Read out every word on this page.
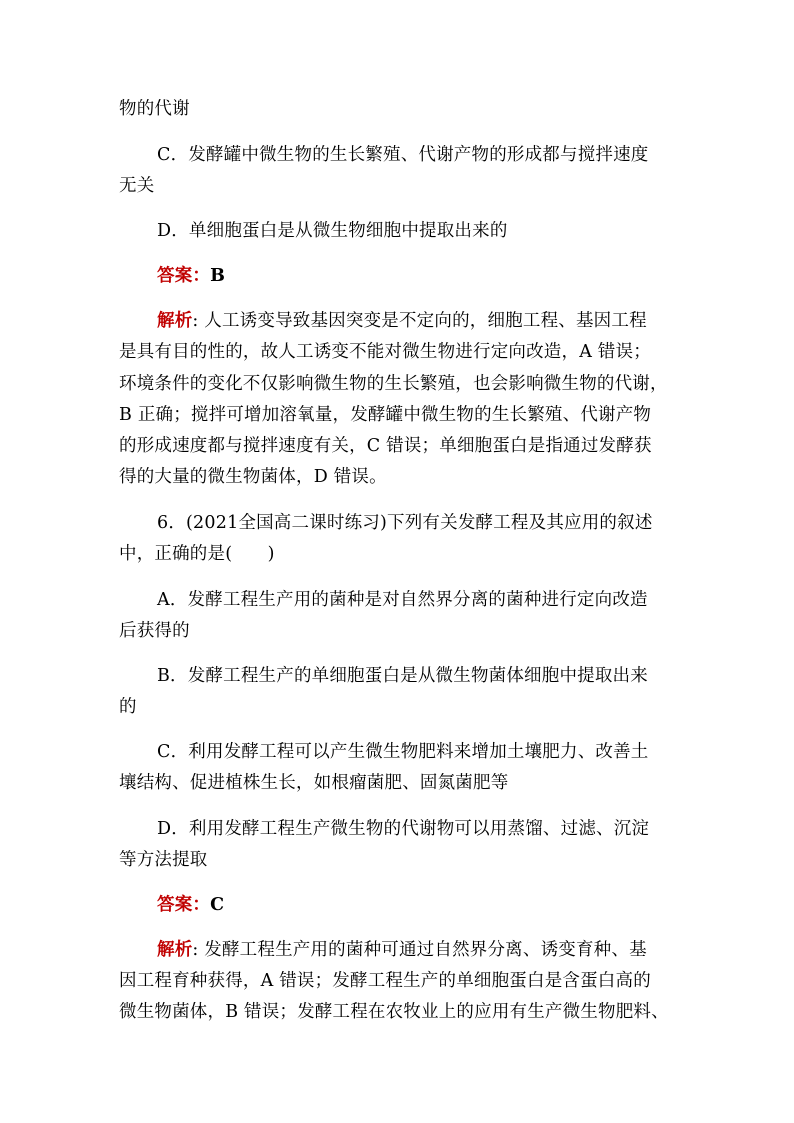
物的代谢
C．发酵罐中微生物的生长繁殖、代谢产物的形成都与搅拌速度
无关
D．单细胞蛋白是从微生物细胞中提取出来的
答案：B
解析: 人工诱变导致基因突变是不定向的，细胞工程、基因工程
是具有目的性的，故人工诱变不能对微生物进行定向改造，A 错误；
环境条件的变化不仅影响微生物的生长繁殖，也会影响微生物的代谢，
B 正确；搅拌可增加溶氧量，发酵罐中微生物的生长繁殖、代谢产物
的形成速度都与搅拌速度有关，C 错误；单细胞蛋白是指通过发酵获
得的大量的微生物菌体，D 错误。
6．(2021全国高二课时练习)下列有关发酵工程及其应用的叙述
中，正确的是(　　)
A．发酵工程生产用的菌种是对自然界分离的菌种进行定向改造
后获得的
B．发酵工程生产的单细胞蛋白是从微生物菌体细胞中提取出来
的
C．利用发酵工程可以产生微生物肥料来增加土壤肥力、改善土
壤结构、促进植株生长，如根瘤菌肥、固氮菌肥等
D．利用发酵工程生产微生物的代谢物可以用蒸馏、过滤、沉淀
等方法提取
答案：C
解析: 发酵工程生产用的菌种可通过自然界分离、诱变育种、基
因工程育种获得，A 错误；发酵工程生产的单细胞蛋白是含蛋白高的
微生物菌体，B 错误；发酵工程在农牧业上的应用有生产微生物肥料、
